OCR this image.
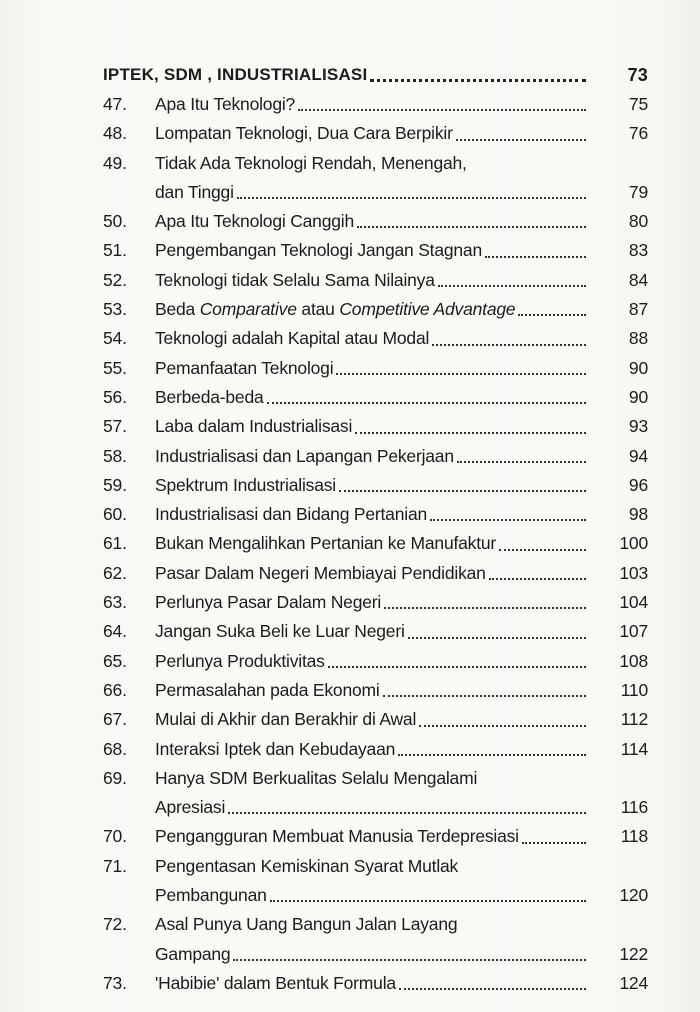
IPTEK, SDM , INDUSTRIALISASI	73
47.	Apa Itu Teknologi?	75
48.	Lompatan Teknologi, Dua Cara Berpikir	76
49.	Tidak Ada Teknologi Rendah, Menengah,
dan Tinggi	79
50.	Apa Itu Teknologi Canggih	80
51.	Pengembangan Teknologi Jangan Stagnan	83
52.	Teknologi tidak Selalu Sama Nilainya	84
53.	Beda Comparative atau Competitive Advantage	87
54.	Teknologi adalah Kapital atau Modal	88
55.	Pemanfaatan Teknologi	90
56.	Berbeda-beda	90
57.	Laba dalam Industrialisasi	93
58.	Industrialisasi dan Lapangan Pekerjaan	94
59.	Spektrum Industrialisasi	96
60.	Industrialisasi dan Bidang Pertanian	98
61.	Bukan Mengalihkan Pertanian ke Manufaktur	100
62.	Pasar Dalam Negeri Membiayai Pendidikan	103
63.	Perlunya Pasar Dalam Negeri	104
64.	Jangan Suka Beli ke Luar Negeri	107
65.	Perlunya Produktivitas	108
66.	Permasalahan pada Ekonomi	110
67.	Mulai di Akhir dan Berakhir di Awal	112
68.	Interaksi Iptek dan Kebudayaan	114
69.	Hanya SDM Berkualitas Selalu Mengalami
Apresiasi	116
70.	Pengangguran Membuat Manusia Terdepresiasi	118
71.	Pengentasan Kemiskinan Syarat Mutlak
Pembangunan	120
72.	Asal Punya Uang Bangun Jalan Layang
Gampang	122
73.	'Habibie' dalam Bentuk Formula	124
